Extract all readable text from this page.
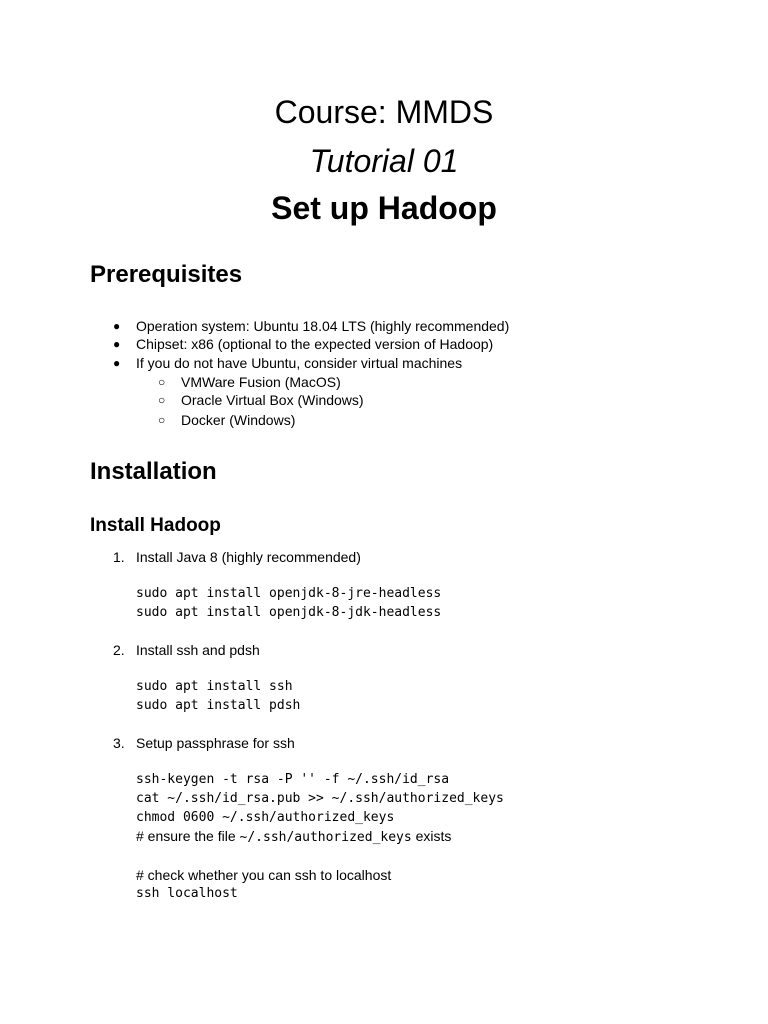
Course: MMDS
Tutorial 01
Set up Hadoop
Prerequisites
● Operation system: Ubuntu 18.04 LTS (highly recommended)
● Chipset: x86 (optional to the expected version of Hadoop)
● If you do not have Ubuntu, consider virtual machines
○ VMWare Fusion (MacOS)
○ Oracle Virtual Box (Windows)
○ Docker (Windows)
Installation
Install Hadoop
1. Install Java 8 (highly recommended)
sudo apt install openjdk-8-jre-headless
sudo apt install openjdk-8-jdk-headless
2. Install ssh and pdsh
sudo apt install ssh
sudo apt install pdsh
3. Setup passphrase for ssh
ssh-keygen -t rsa -P '' -f ~/.ssh/id_rsa
cat ~/.ssh/id_rsa.pub >> ~/.ssh/authorized_keys
chmod 0600 ~/.ssh/authorized_keys
# ensure the file ~/.ssh/authorized_keys exists
# check whether you can ssh to localhost
ssh localhost
